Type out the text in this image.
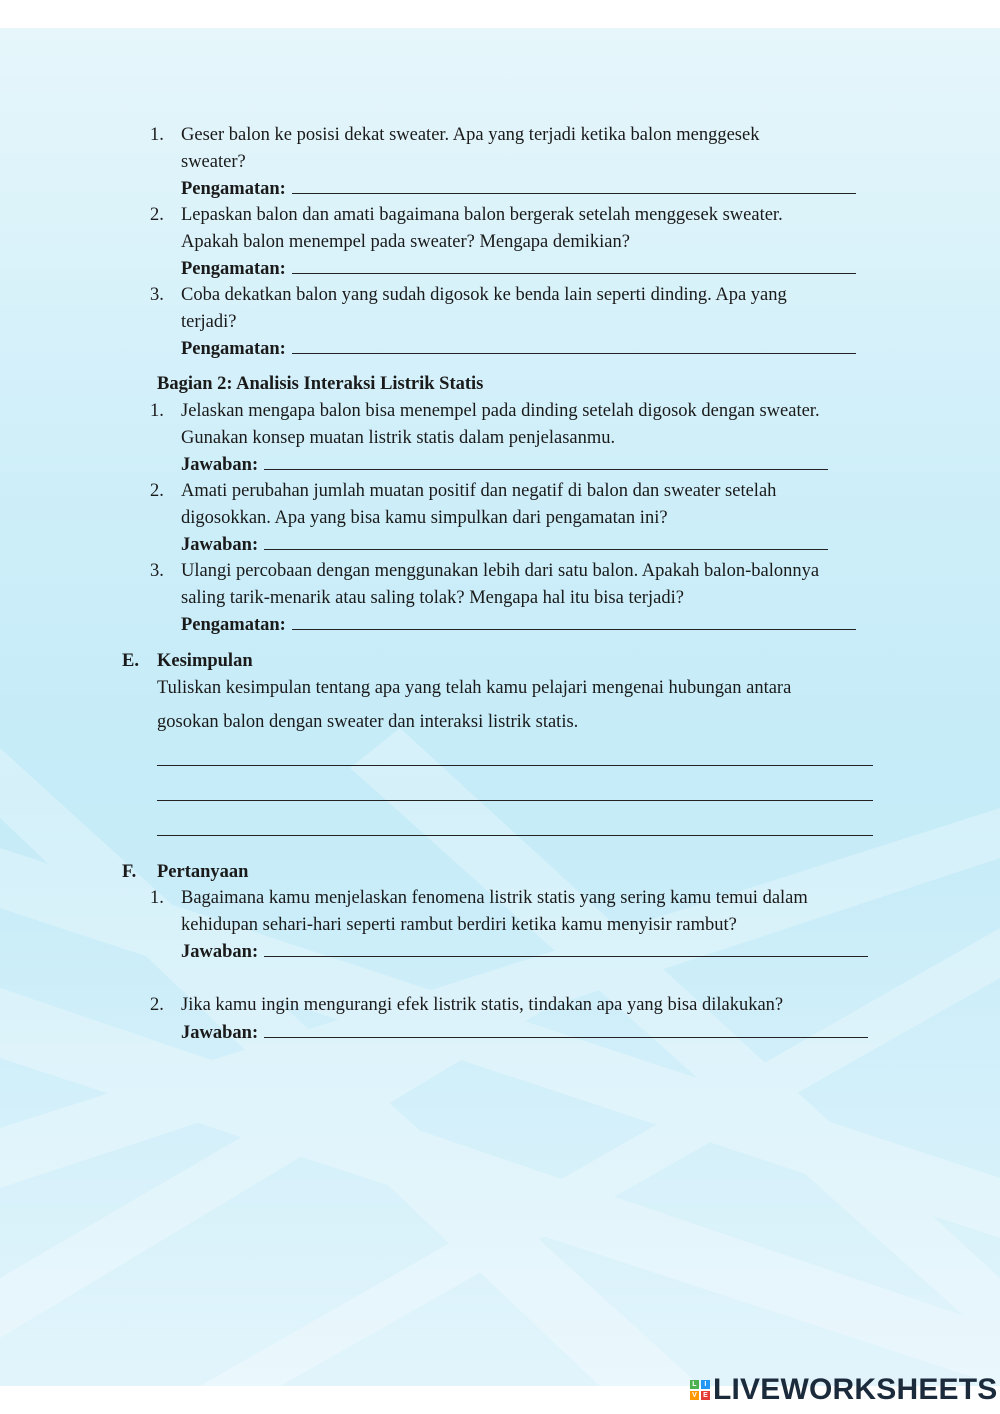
1. Geser balon ke posisi dekat sweater. Apa yang terjadi ketika balon menggesek
sweater?
Pengamatan:
2. Lepaskan balon dan amati bagaimana balon bergerak setelah menggesek sweater.
Apakah balon menempel pada sweater? Mengapa demikian?
Pengamatan:
3. Coba dekatkan balon yang sudah digosok ke benda lain seperti dinding. Apa yang
terjadi?
Pengamatan:
Bagian 2: Analisis Interaksi Listrik Statis
1. Jelaskan mengapa balon bisa menempel pada dinding setelah digosok dengan sweater.
Gunakan konsep muatan listrik statis dalam penjelasanmu.
Jawaban:
2. Amati perubahan jumlah muatan positif dan negatif di balon dan sweater setelah
digosokkan. Apa yang bisa kamu simpulkan dari pengamatan ini?
Jawaban:
3. Ulangi percobaan dengan menggunakan lebih dari satu balon. Apakah balon-balonnya
saling tarik-menarik atau saling tolak? Mengapa hal itu bisa terjadi?
Pengamatan:
E. Kesimpulan
Tuliskan kesimpulan tentang apa yang telah kamu pelajari mengenai hubungan antara
gosokan balon dengan sweater dan interaksi listrik statis.
F. Pertanyaan
1. Bagaimana kamu menjelaskan fenomena listrik statis yang sering kamu temui dalam
kehidupan sehari-hari seperti rambut berdiri ketika kamu menyisir rambut?
Jawaban:
2. Jika kamu ingin mengurangi efek listrik statis, tindakan apa yang bisa dilakukan?
Jawaban:
L	I
V E LIVEWORKSHEETS
